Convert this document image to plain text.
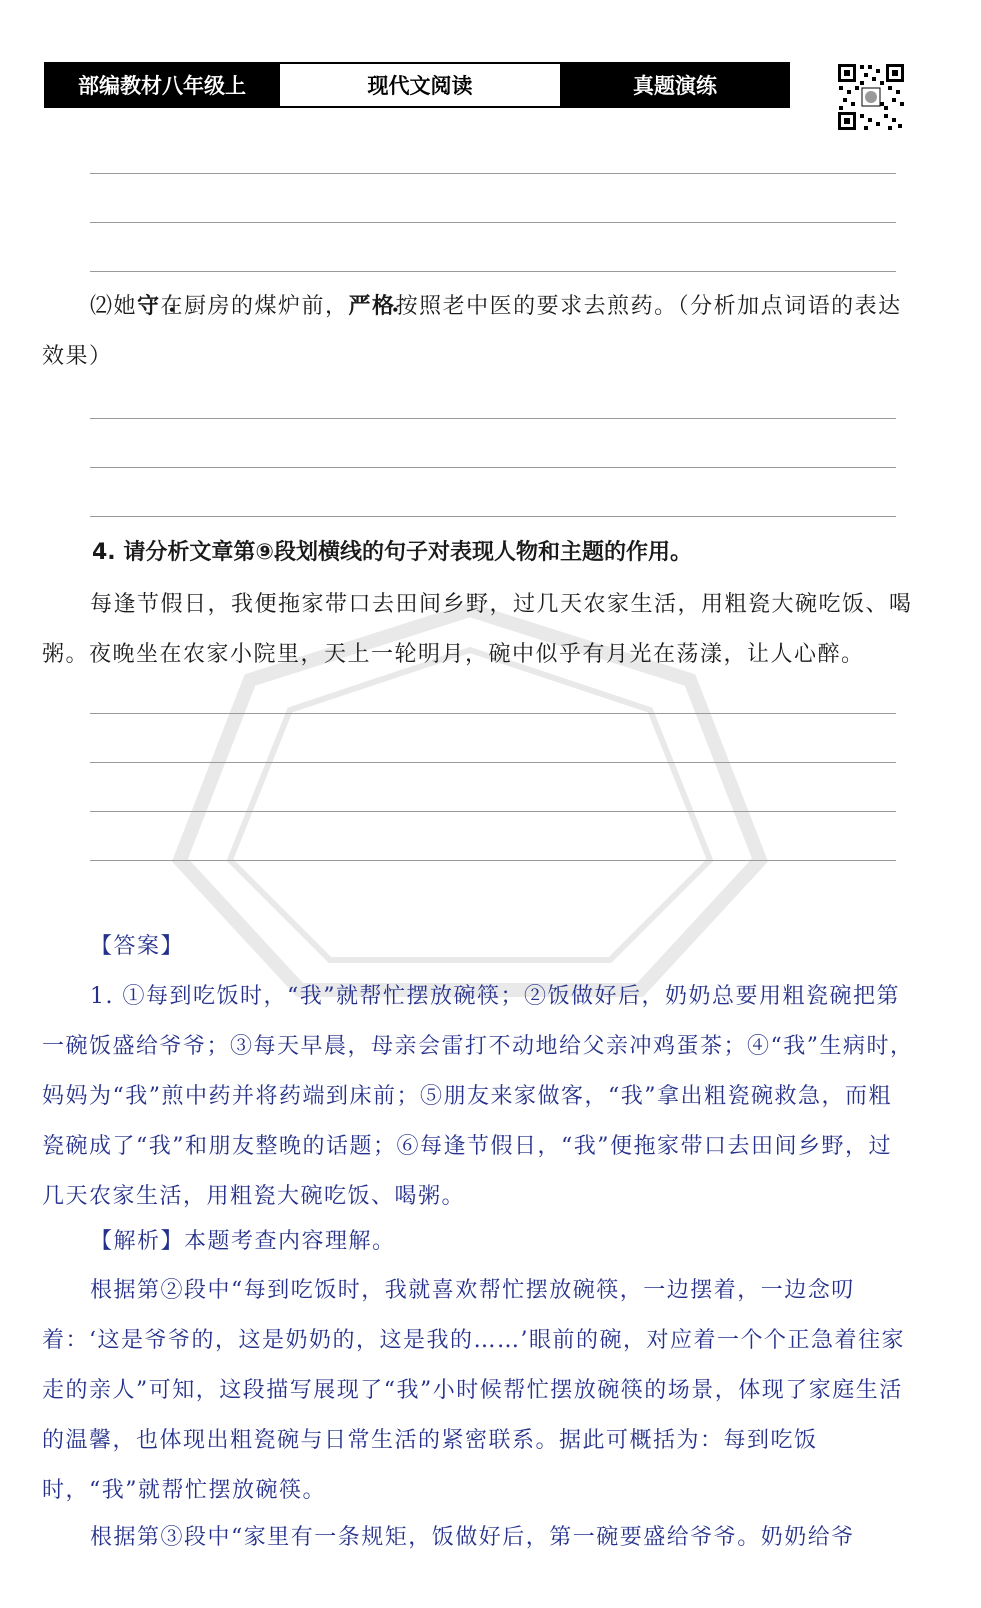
部编教材八年级上	现代文阅读	真题演练
⑵她守 •在厨房的煤炉前，严格 •按照老中医的要求去煎药。（分析加点词语的表达效果）
4. 请分析文章第⑨段划横线的句子对表现人物和主题的作用。
每逢节假日，我便拖家带口去田间乡野，过几天农家生活，用粗瓷大碗吃饭、喝粥。夜晚坐在农家小院里，天上一轮明月，碗中似乎有月光在荡漾，让人心醉。
【答案】
1. ①每到吃饭时，“我”就帮忙摆放碗筷；②饭做好后，奶奶总要用粗瓷碗把第一碗饭盛给爷爷；③每天早晨，母亲会雷打不动地给父亲冲鸡蛋茶；④“我”生病时，妈妈为“我”煎中药并将药端到床前；⑤朋友来家做客，“我”拿出粗瓷碗救急，而粗瓷碗成了“我”和朋友整晚的话题；⑥每逢节假日，“我”便拖家带口去田间乡野，过几天农家生活，用粗瓷大碗吃饭、喝粥。
【解析】本题考查内容理解。
根据第②段中“每到吃饭时，我就喜欢帮忙摆放碗筷，一边摆着，一边念叨着：‘这是爷爷的，这是奶奶的，这是我的……’眼前的碗，对应着一个个正急着往家走的亲人”可知，这段描写展现了“我”小时候帮忙摆放碗筷的场景，体现了家庭生活的温馨，也体现出粗瓷碗与日常生活的紧密联系。据此可概括为：每到吃饭时，“我”就帮忙摆放碗筷。
根据第③段中“家里有一条规矩，饭做好后，第一碗要盛给爷爷。奶奶给爷
